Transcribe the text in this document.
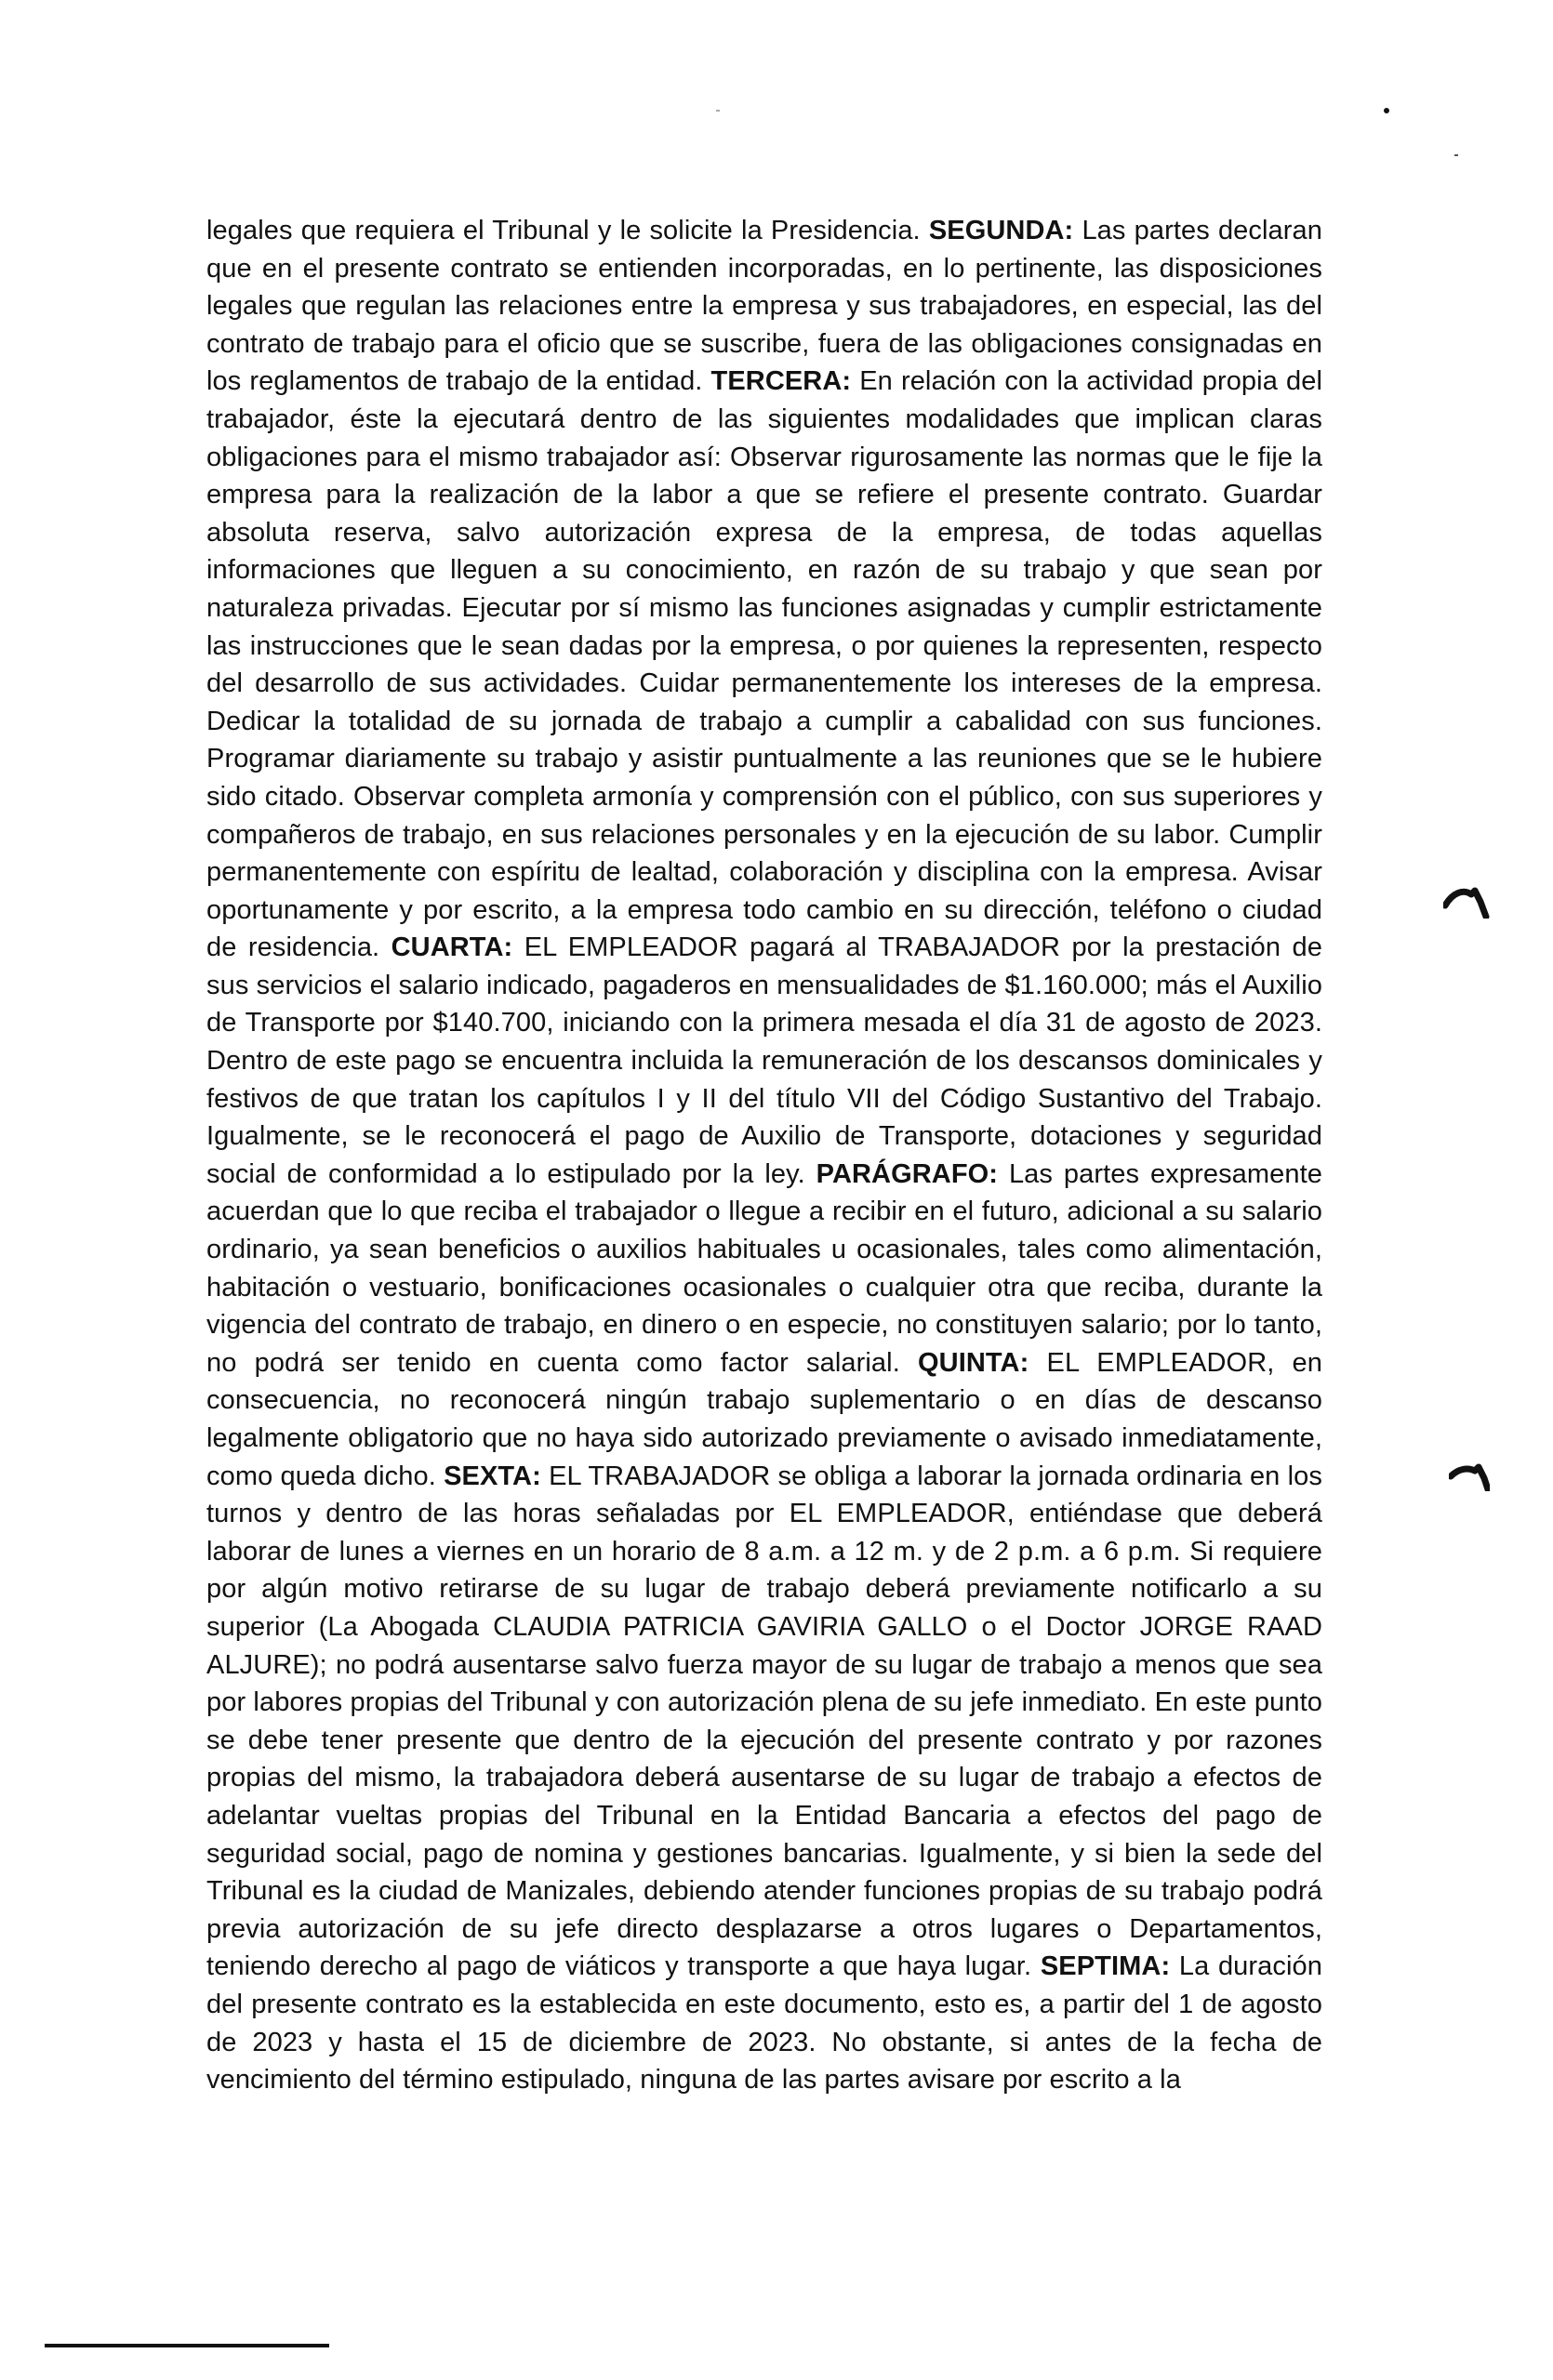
legales que requiera el Tribunal y le solicite la Presidencia. SEGUNDA: Las partes declaran que en el presente contrato se entienden incorporadas, en lo pertinente, las disposiciones legales que regulan las relaciones entre la empresa y sus trabajadores, en especial, las del contrato de trabajo para el oficio que se suscribe, fuera de las obligaciones consignadas en los reglamentos de trabajo de la entidad. TERCERA: En relación con la actividad propia del trabajador, éste la ejecutará dentro de las siguientes modalidades que implican claras obligaciones para el mismo trabajador así: Observar rigurosamente las normas que le fije la empresa para la realización de la labor a que se refiere el presente contrato. Guardar absoluta reserva, salvo autorización expresa de la empresa, de todas aquellas informaciones que lleguen a su conocimiento, en razón de su trabajo y que sean por naturaleza privadas. Ejecutar por sí mismo las funciones asignadas y cumplir estrictamente las instrucciones que le sean dadas por la empresa, o por quienes la representen, respecto del desarrollo de sus actividades. Cuidar permanentemente los intereses de la empresa. Dedicar la totalidad de su jornada de trabajo a cumplir a cabalidad con sus funciones. Programar diariamente su trabajo y asistir puntualmente a las reuniones que se le hubiere sido citado. Observar completa armonía y comprensión con el público, con sus superiores y compañeros de trabajo, en sus relaciones personales y en la ejecución de su labor. Cumplir permanentemente con espíritu de lealtad, colaboración y disciplina con la empresa. Avisar oportunamente y por escrito, a la empresa todo cambio en su dirección, teléfono o ciudad de residencia. CUARTA: EL EMPLEADOR pagará al TRABAJADOR por la prestación de sus servicios el salario indicado, pagaderos en mensualidades de $1.160.000; más el Auxilio de Transporte por $140.700, iniciando con la primera mesada el día 31 de agosto de 2023. Dentro de este pago se encuentra incluida la remuneración de los descansos dominicales y festivos de que tratan los capítulos I y II del título VII del Código Sustantivo del Trabajo. Igualmente, se le reconocerá el pago de Auxilio de Transporte, dotaciones y seguridad social de conformidad a lo estipulado por la ley. PARÁGRAFO: Las partes expresamente acuerdan que lo que reciba el trabajador o llegue a recibir en el futuro, adicional a su salario ordinario, ya sean beneficios o auxilios habituales u ocasionales, tales como alimentación, habitación o vestuario, bonificaciones ocasionales o cualquier otra que reciba, durante la vigencia del contrato de trabajo, en dinero o en especie, no constituyen salario; por lo tanto, no podrá ser tenido en cuenta como factor salarial. QUINTA: EL EMPLEADOR, en consecuencia, no reconocerá ningún trabajo suplementario o en días de descanso legalmente obligatorio que no haya sido autorizado previamente o avisado inmediatamente, como queda dicho. SEXTA: EL TRABAJADOR se obliga a laborar la jornada ordinaria en los turnos y dentro de las horas señaladas por EL EMPLEADOR, entiéndase que deberá laborar de lunes a viernes en un horario de 8 a.m. a 12 m. y de 2 p.m. a 6 p.m. Si requiere por algún motivo retirarse de su lugar de trabajo deberá previamente notificarlo a su superior (La Abogada CLAUDIA PATRICIA GAVIRIA GALLO o el Doctor JORGE RAAD ALJURE); no podrá ausentarse salvo fuerza mayor de su lugar de trabajo a menos que sea por labores propias del Tribunal y con autorización plena de su jefe inmediato. En este punto se debe tener presente que dentro de la ejecución del presente contrato y por razones propias del mismo, la trabajadora deberá ausentarse de su lugar de trabajo a efectos de adelantar vueltas propias del Tribunal en la Entidad Bancaria a efectos del pago de seguridad social, pago de nomina y gestiones bancarias. Igualmente, y si bien la sede del Tribunal es la ciudad de Manizales, debiendo atender funciones propias de su trabajo podrá previa autorización de su jefe directo desplazarse a otros lugares o Departamentos, teniendo derecho al pago de viáticos y transporte a que haya lugar. SEPTIMA: La duración del presente contrato es la establecida en este documento, esto es, a partir del 1 de agosto de 2023 y hasta el 15 de diciembre de 2023. No obstante, si antes de la fecha de vencimiento del término estipulado, ninguna de las partes avisare por escrito a la
